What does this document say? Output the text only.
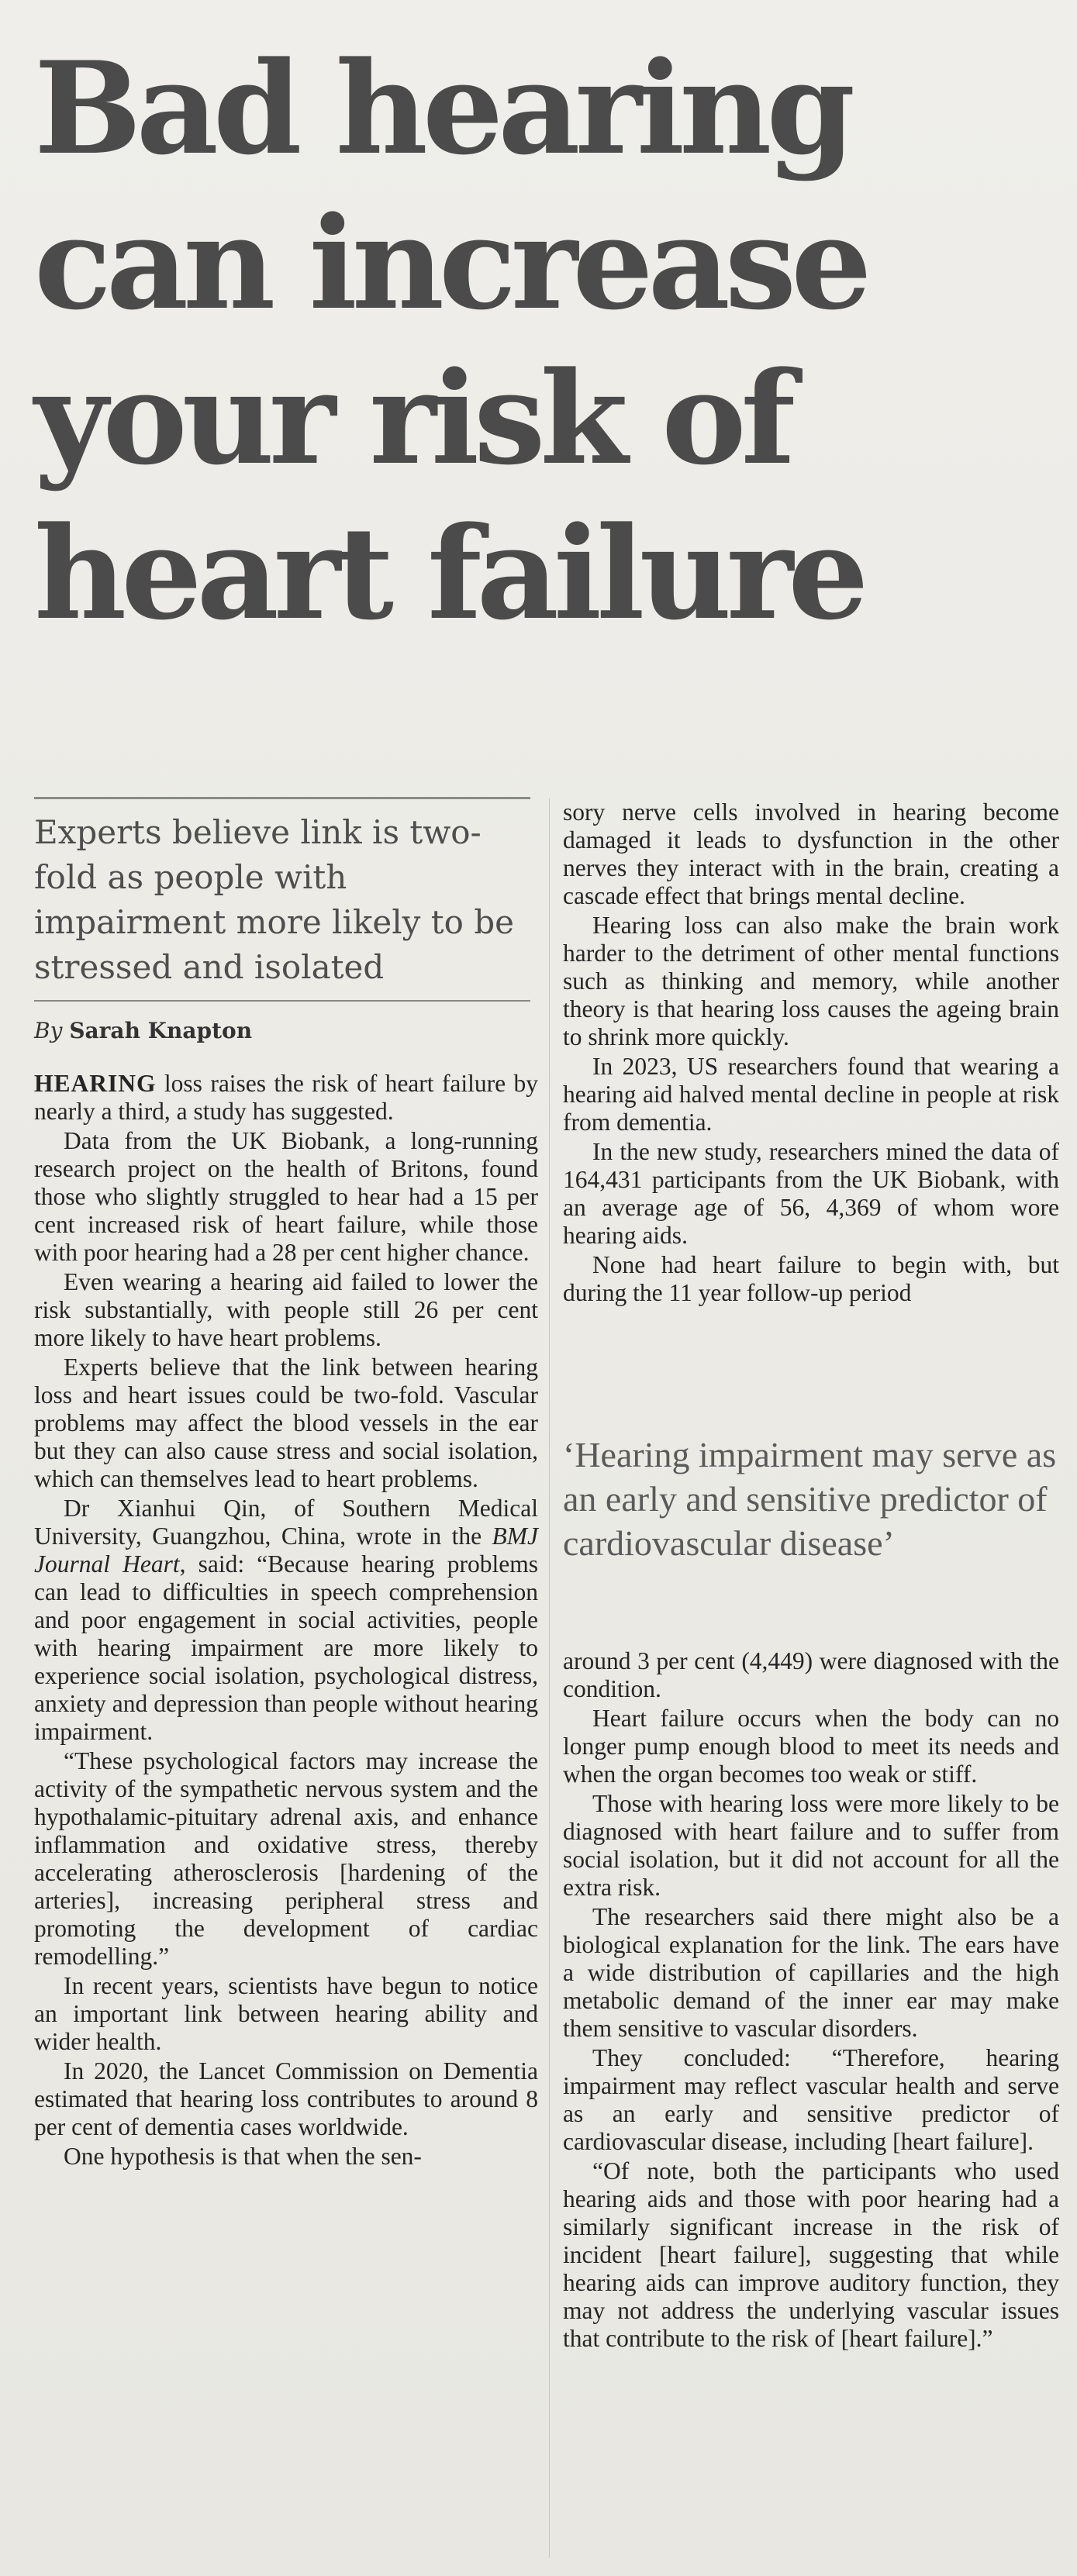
Bad hearing can increase your risk of heart failure

Experts believe link is two-fold as people with impairment more likely to be stressed and isolated

By Sarah Knapton

HEARING loss raises the risk of heart failure by nearly a third, a study has suggested.

Data from the UK Biobank, a long-running research project on the health of Britons, found those who slightly struggled to hear had a 15 per cent increased risk of heart failure, while those with poor hearing had a 28 per cent higher chance.

Even wearing a hearing aid failed to lower the risk substantially, with people still 26 per cent more likely to have heart problems.

Experts believe that the link between hearing loss and heart issues could be two-fold. Vascular problems may affect the blood vessels in the ear but they can also cause stress and social isolation, which can themselves lead to heart problems.

Dr Xianhui Qin, of Southern Medical University, Guangzhou, China, wrote in the BMJ Journal Heart, said: “Because hearing problems can lead to difficulties in speech comprehension and poor engagement in social activities, people with hearing impairment are more likely to experience social isolation, psychological distress, anxiety and depression than people without hearing impairment.

“These psychological factors may increase the activity of the sympathetic nervous system and the hypothalamic-pituitary adrenal axis, and enhance inflammation and oxidative stress, thereby accelerating atherosclerosis [hardening of the arteries], increasing peripheral stress and promoting the development of cardiac remodelling.”

In recent years, scientists have begun to notice an important link between hearing ability and wider health.

In 2020, the Lancet Commission on Dementia estimated that hearing loss contributes to around 8 per cent of dementia cases worldwide.

One hypothesis is that when the sen-

sory nerve cells involved in hearing become damaged it leads to dysfunction in the other nerves they interact with in the brain, creating a cascade effect that brings mental decline.

Hearing loss can also make the brain work harder to the detriment of other mental functions such as thinking and memory, while another theory is that hearing loss causes the ageing brain to shrink more quickly.

In 2023, US researchers found that wearing a hearing aid halved mental decline in people at risk from dementia.

In the new study, researchers mined the data of 164,431 participants from the UK Biobank, with an average age of 56, 4,369 of whom wore hearing aids.

None had heart failure to begin with, but during the 11 year follow-up period

‘Hearing impairment may serve as an early and sensitive predictor of cardiovascular disease’

around 3 per cent (4,449) were diagnosed with the condition.

Heart failure occurs when the body can no longer pump enough blood to meet its needs and when the organ becomes too weak or stiff.

Those with hearing loss were more likely to be diagnosed with heart failure and to suffer from social isolation, but it did not account for all the extra risk.

The researchers said there might also be a biological explanation for the link. The ears have a wide distribution of capillaries and the high metabolic demand of the inner ear may make them sensitive to vascular disorders.

They concluded: “Therefore, hearing impairment may reflect vascular health and serve as an early and sensitive predictor of cardiovascular disease, including [heart failure].

“Of note, both the participants who used hearing aids and those with poor hearing had a similarly significant increase in the risk of incident [heart failure], suggesting that while hearing aids can improve auditory function, they may not address the underlying vascular issues that contribute to the risk of [heart failure].”
